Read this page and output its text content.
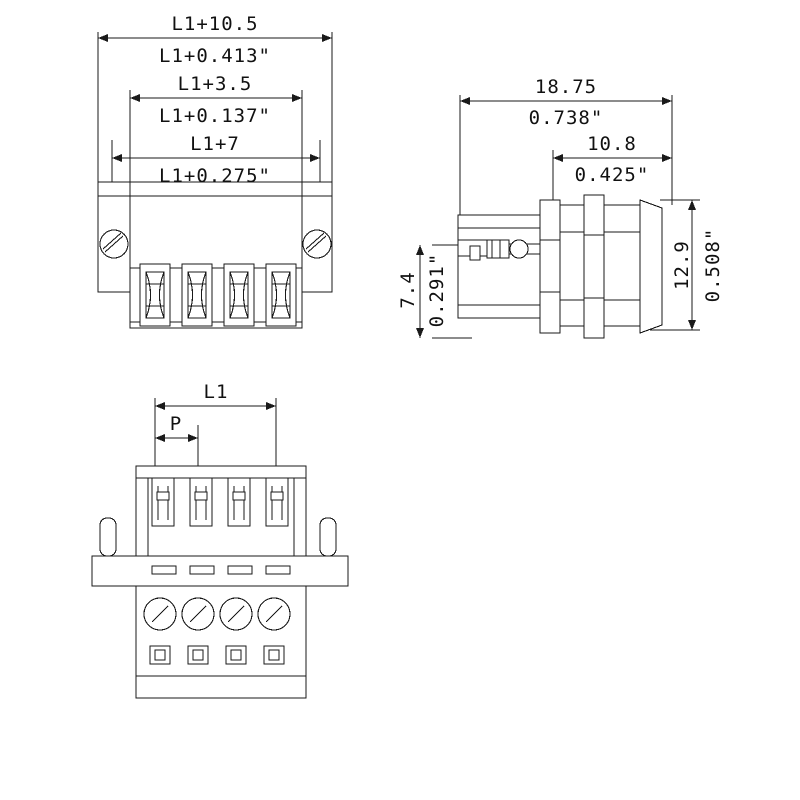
L1+10.5
L1+0.413"
L1+3.5
L1+0.137"
L1+7
L1+0.275"
18.75
0.738"
10.8
0.425"
12.9 0.508"
7.4 0.291"
L1
P
